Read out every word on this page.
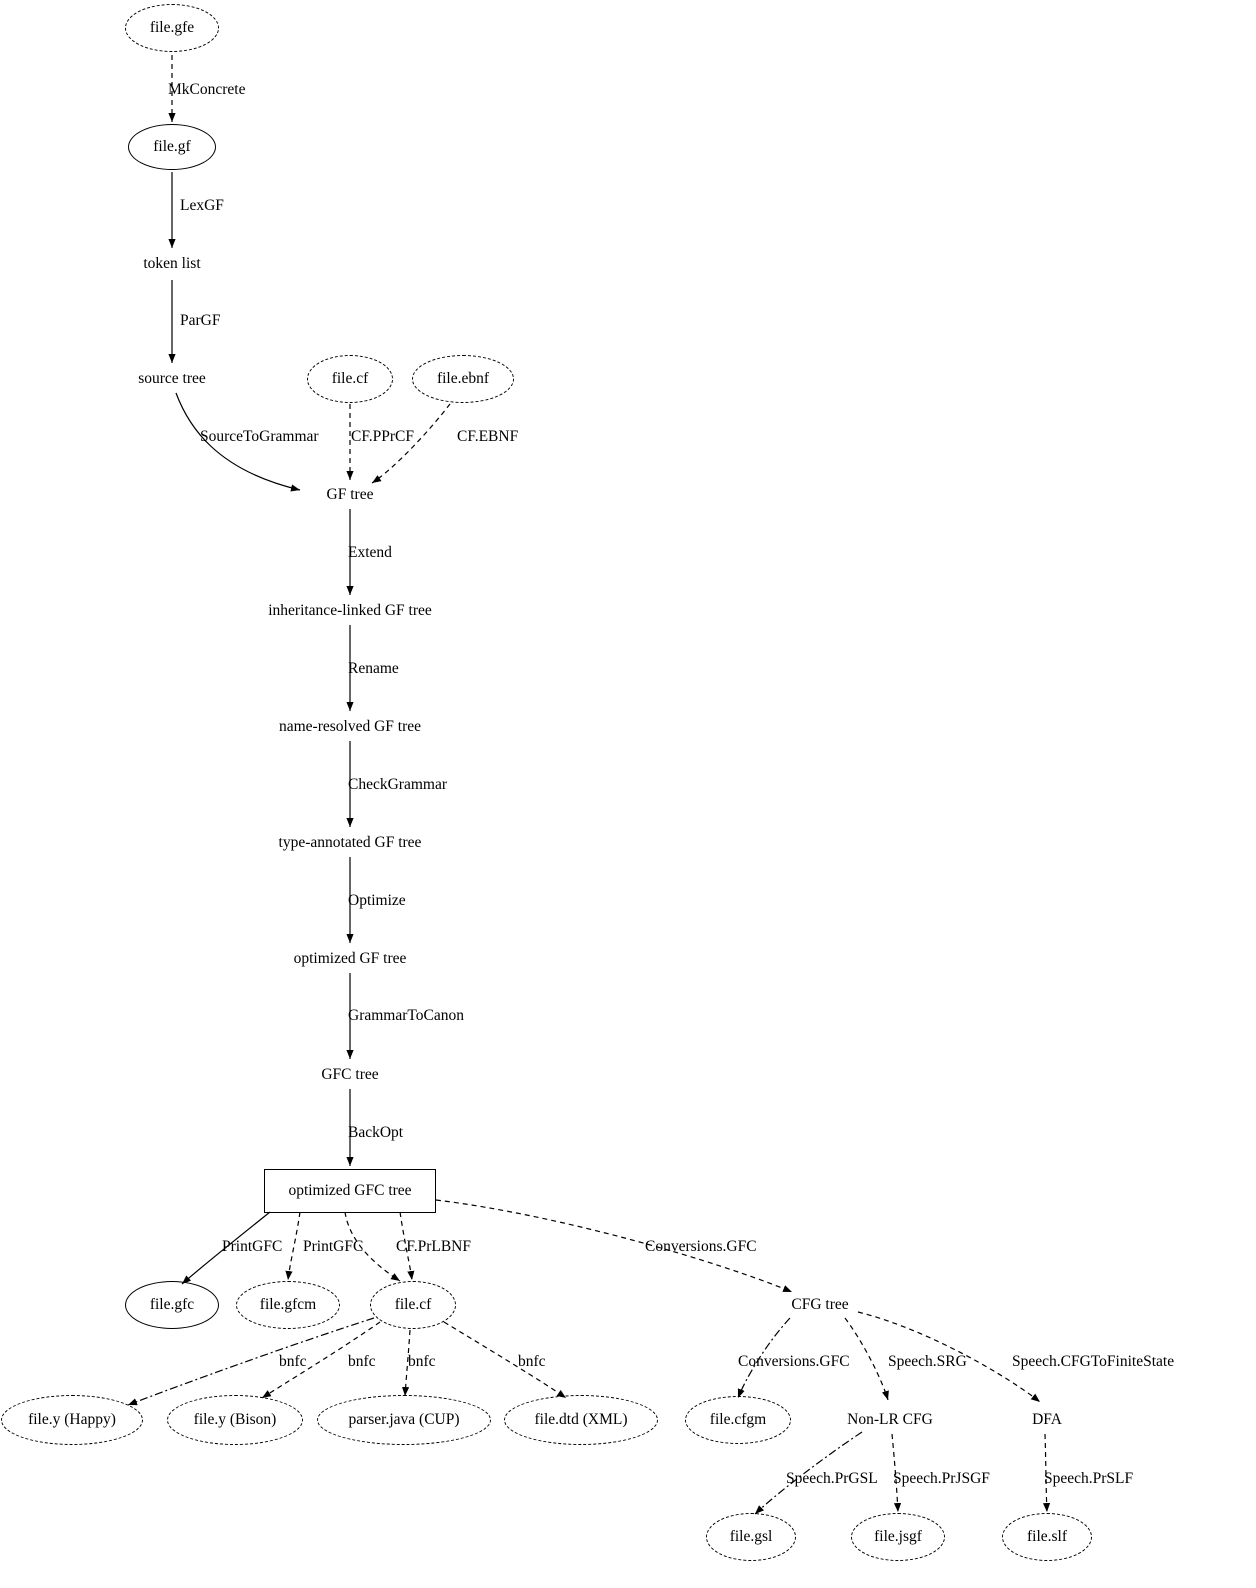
file.gfe
file.gf
token list
source tree	file.cf	file.ebnf
GF tree
inheritance-linked GF tree
name-resolved GF tree
type-annotated GF tree
optimized GF tree
GFC tree
optimized GFC tree
file.gfc	file.gfcm	file.cf	CFG tree
file.y (Happy)	file.y (Bison)	parser.java (CUP)	file.dtd (XML)	file.cfgm	Non-LR CFG	DFA
file.gsl	file.jsgf	file.slf
MkConcrete
LexGF
ParGF
SourceToGrammar CF.PPrCF	CF.EBNF
Extend
Rename
CheckGrammar
Optimize
GrammarToCanon
BackOpt
PrintGFC PrintGFC CF.PrLBNF	Conversions.GFC
bnfc	bnfc bnfc	bnfc	Conversions.GFC Speech.SRG	Speech.CFGToFiniteState
Speech.PrGSL Speech.PrJSGF	Speech.PrSLF
